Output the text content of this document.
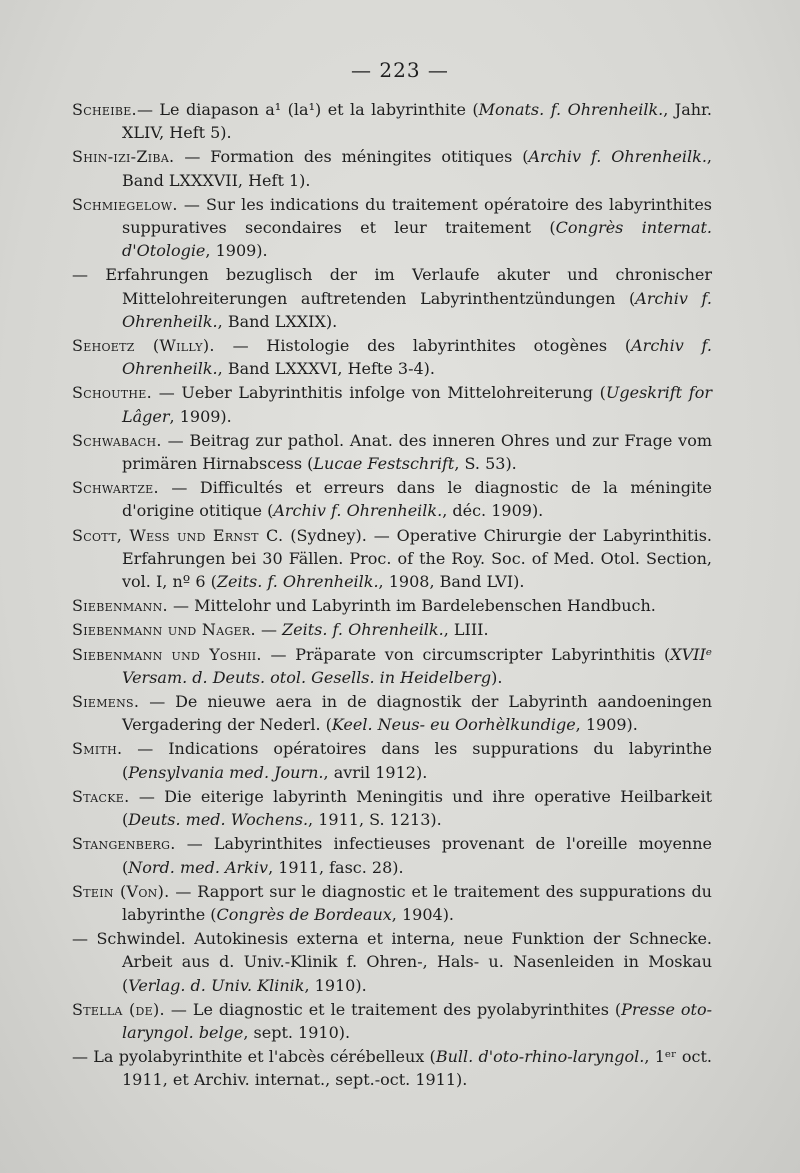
— 223 —

Scheibe.— Le diapason a¹ (la¹) et la labyrinthite (Monats. f. Ohrenheilk., Jahr. XLIV, Heft 5).

Shin-izi-Ziba. — Formation des méningites otitiques (Archiv f. Ohrenheilk., Band LXXXVII, Heft 1).

Schmiegelow. — Sur les indications du traitement opératoire des labyrinthites suppuratives secondaires et leur traitement (Congrès internat. d'Otologie, 1909).

— Erfahrungen bezuglisch der im Verlaufe akuter und chronischer Mittelohreiterungen auftretenden Labyrinthentzündungen (Archiv f. Ohrenheilk., Band LXXIX).

Sehoetz (Willy). — Histologie des labyrinthites otogènes (Archiv f. Ohrenheilk., Band LXXXVI, Hefte 3-4).

Schouthe. — Ueber Labyrinthitis infolge von Mittelohreiterung (Ugeskrift for Lâger, 1909).

Schwabach. — Beitrag zur pathol. Anat. des inneren Ohres und zur Frage vom primären Hirnabscess (Lucae Festschrift, S. 53).

Schwartze. — Difficultés et erreurs dans le diagnostic de la méningite d'origine otitique (Archiv f. Ohrenheilk., déc. 1909).

Scott, Wess und Ernst C. (Sydney). — Operative Chirurgie der Labyrinthitis. Erfahrungen bei 30 Fällen. Proc. of the Roy. Soc. of Med. Otol. Section, vol. I, nº 6 (Zeits. f. Ohrenheilk., 1908, Band LVI).

Siebenmann. — Mittelohr und Labyrinth im Bardelebenschen Handbuch.

Siebenmann und Nager. — Zeits. f. Ohrenheilk., LIII.

Siebenmann und Yoshii. — Präparate von circumscripter Labyrinthitis (XVIIᵉ Versam. d. Deuts. otol. Gesells. in Heidelberg).

Siemens. — De nieuwe aera in de diagnostik der Labyrinth aandoeningen Vergadering der Nederl. (Keel. Neus- eu Oorhèlkundige, 1909).

Smith. — Indications opératoires dans les suppurations du labyrinthe (Pensylvania med. Journ., avril 1912).

Stacke. — Die eiterige labyrinth Meningitis und ihre operative Heilbarkeit (Deuts. med. Wochens., 1911, S. 1213).

Stangenberg. — Labyrinthites infectieuses provenant de l'oreille moyenne (Nord. med. Arkiv, 1911, fasc. 28).

Stein (Von). — Rapport sur le diagnostic et le traitement des suppurations du labyrinthe (Congrès de Bordeaux, 1904).

— Schwindel. Autokinesis externa et interna, neue Funktion der Schnecke. Arbeit aus d. Univ.-Klinik f. Ohren-, Hals- u. Nasenleiden in Moskau (Verlag. d. Univ. Klinik, 1910).

Stella (de). — Le diagnostic et le traitement des pyolabyrinthites (Presse oto-laryngol. belge, sept. 1910).

— La pyolabyrinthite et l'abcès cérébelleux (Bull. d'oto-rhino-laryngol., 1ᵉʳ oct. 1911, et Archiv. internat., sept.-oct. 1911).
